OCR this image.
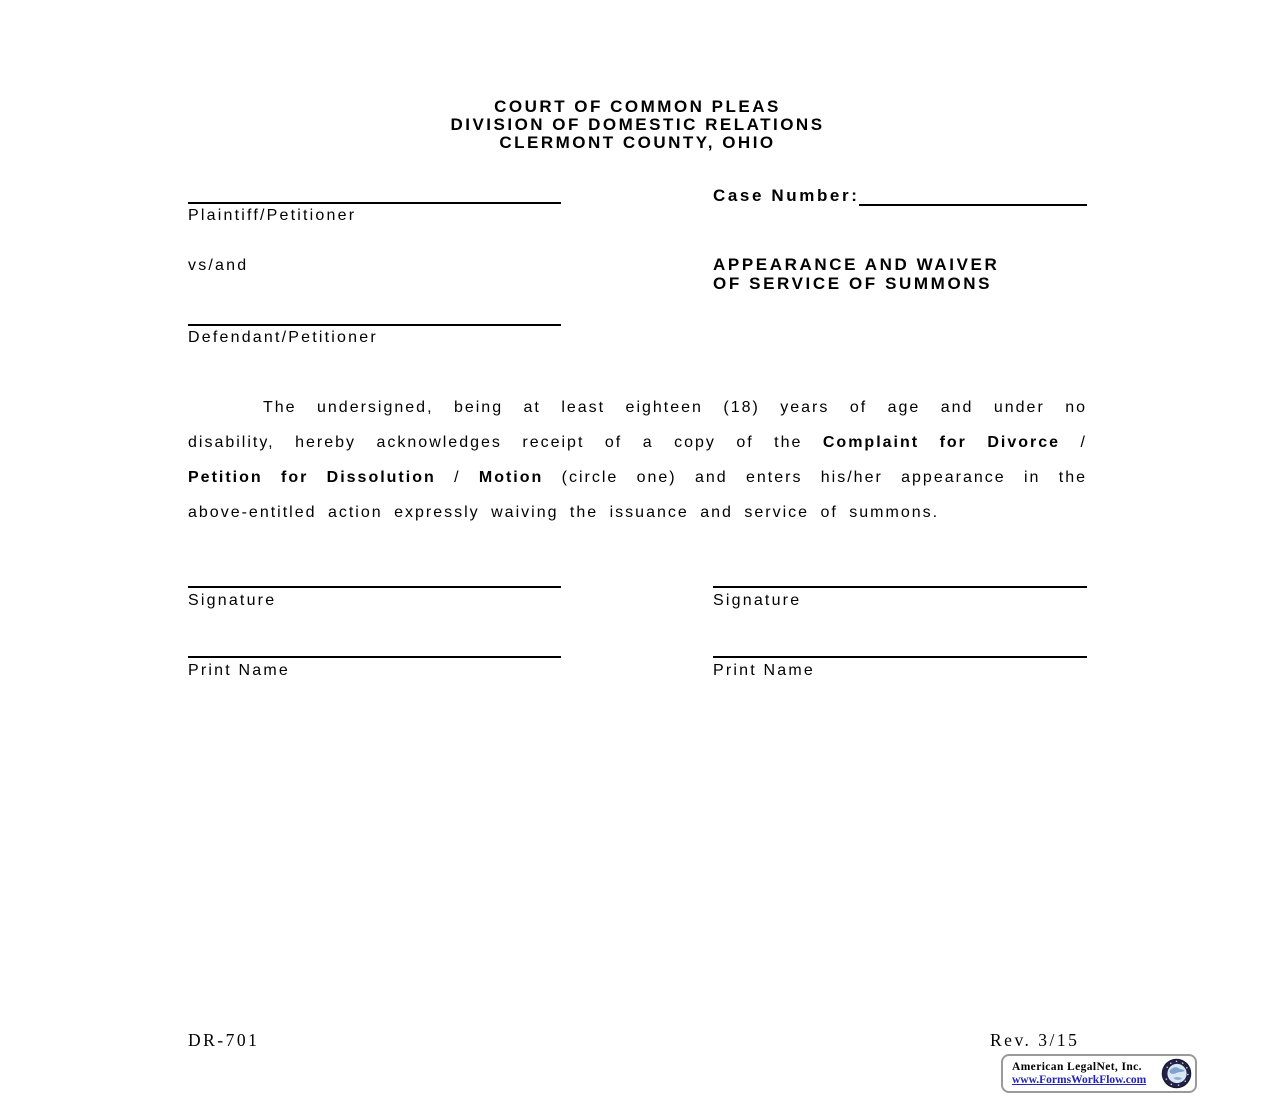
COURT OF COMMON PLEAS
DIVISION OF DOMESTIC RELATIONS
CLERMONT COUNTY, OHIO
Plaintiff/Petitioner
Case Number:
vs/and	APPEARANCE AND WAIVER
OF SERVICE OF SUMMONS
Defendant/Petitioner
The undersigned, being at least eighteen (18) years of age and under no
disability, hereby acknowledges receipt of a copy of the Complaint for Divorce /
Petition for Dissolution / Motion (circle one) and enters his/her appearance in the
above-entitled action expressly waiving the issuance and service of summons.
Signature	Signature
Print Name	Print Name
DR-701	Rev. 3/15
American LegalNet, Inc.
www.FormsWorkFlow.com
